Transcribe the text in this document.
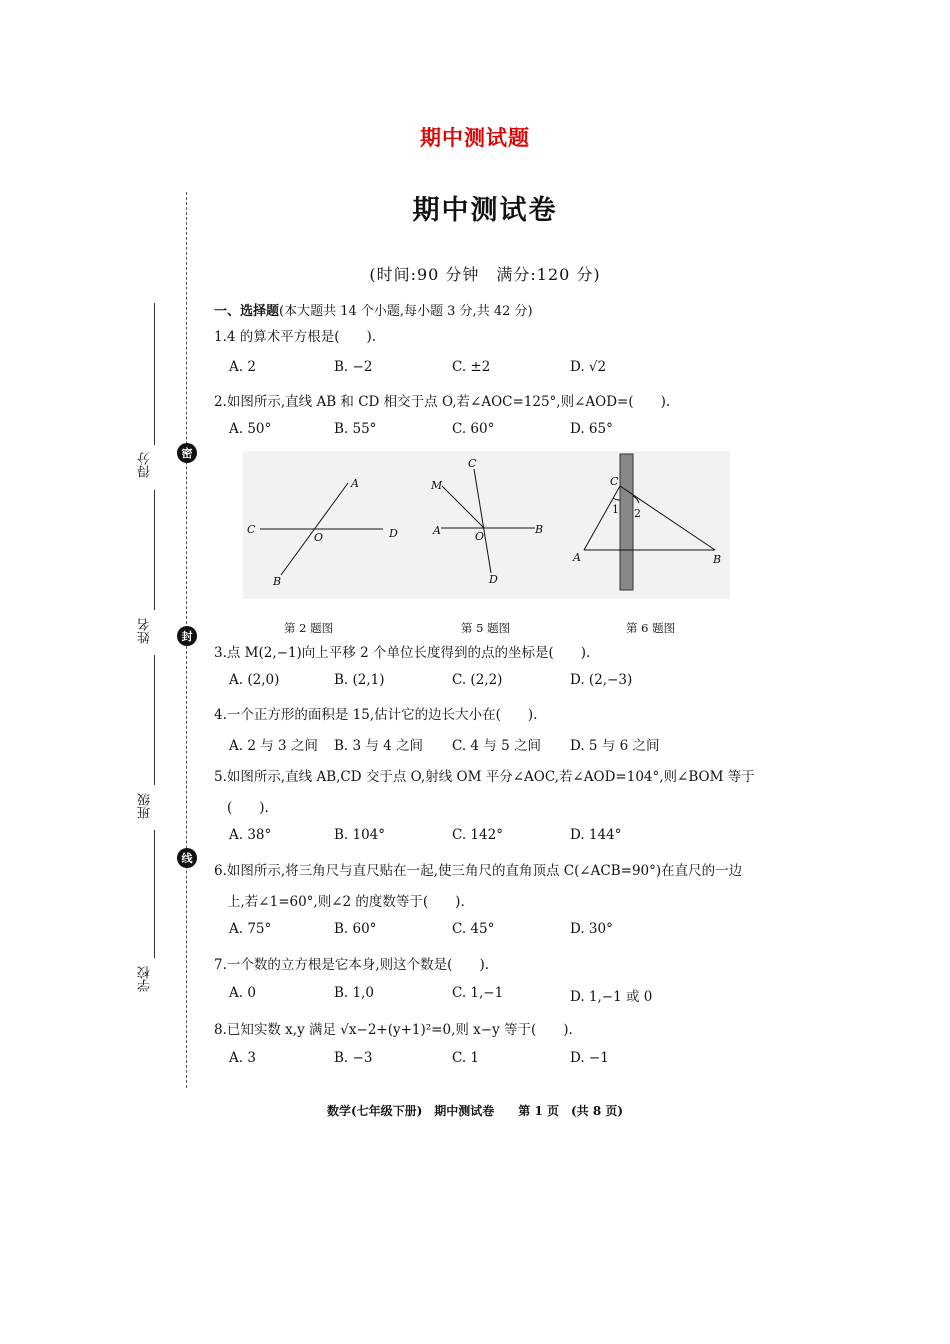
期中测试题
期中测试卷
(时间:90 分钟　满分:120 分)
密
封
线
得分
姓名
班级
学校
一、选择题(本大题共 14 个小题,每小题 3 分,共 42 分)
1.4 的算术平方根是(　　).
A. 2	B. −2	C. ±2	D. √2
2.如图所示,直线 AB 和 CD 相交于点 O,若∠AOC=125°,则∠AOD=(　　).
A. 50°	B. 55°	C. 60°	D. 65°
A
B
C	D
O
C
M
A	O
B
D
C
1 2
A	B
第 2 题图	第 5 题图	第 6 题图
3.点 M(2,−1)向上平移 2 个单位长度得到的点的坐标是(　　).
A. (2,0)	B. (2,1)	C. (2,2)	D. (2,−3)
4.一个正方形的面积是 15,估计它的边长大小在(　　).
A. 2 与 3 之间 B. 3 与 4 之间 C. 4 与 5 之间 D. 5 与 6 之间
5.如图所示,直线 AB,CD 交于点 O,射线 OM 平分∠AOC,若∠AOD=104°,则∠BOM 等于
(　　).
A. 38°	B. 104°	C. 142°	D. 144°
6.如图所示,将三角尺与直尺贴在一起,使三角尺的直角顶点 C(∠ACB=90°)在直尺的一边
上,若∠1=60°,则∠2 的度数等于(　　).
A. 75°	B. 60°	C. 45°	D. 30°
7.一个数的立方根是它本身,则这个数是(　　).
A. 0	B. 1,0	C. 1,−1	D. 1,−1 或 0
8.已知实数 x,y 满足 √x−2+(y+1)²=0,则 x−y 等于(　　).
A. 3	B. −3	C. 1	D. −1
数学(七年级下册)　期中测试卷　　第 1 页　(共 8 页)
